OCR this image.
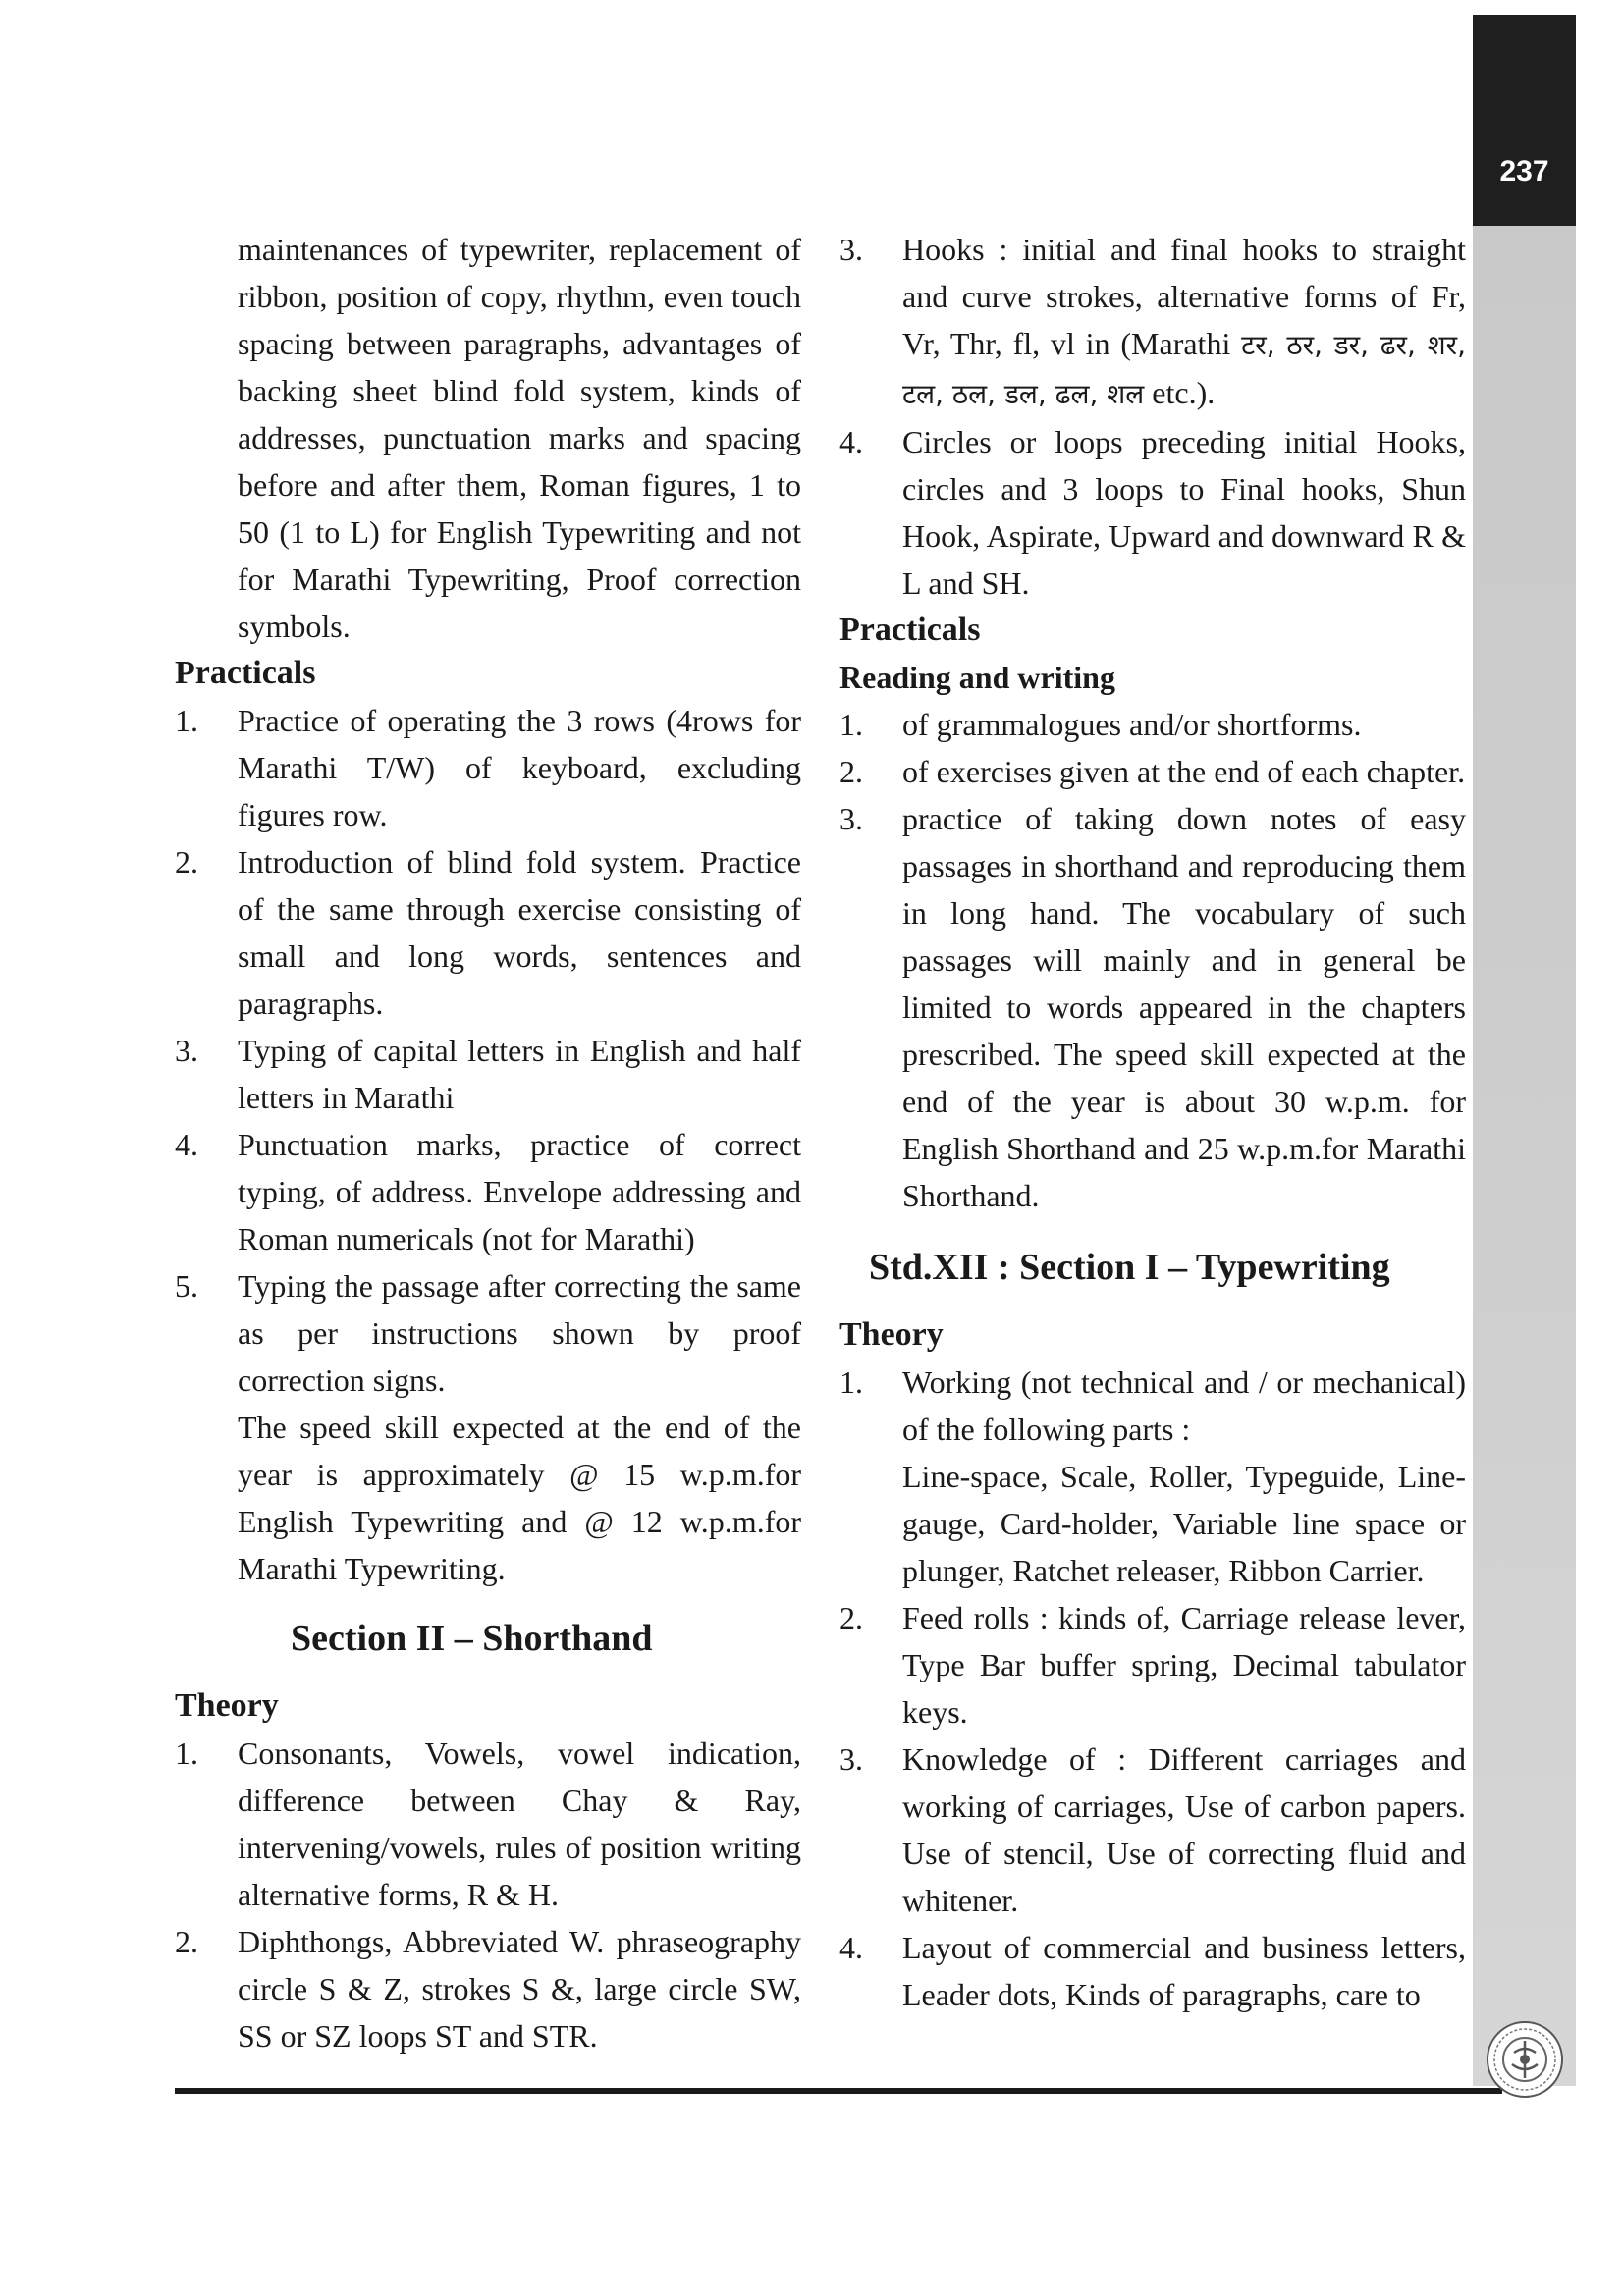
237
maintenances of typewriter, replacement of ribbon, position of copy, rhythm, even touch spacing between paragraphs, advantages of backing sheet blind fold system, kinds of addresses, punctuation marks and spacing before and after them, Roman figures, 1 to 50 (1 to L) for English Typewriting and not for Marathi Typewriting, Proof correction symbols.
Practicals
1. Practice of operating the 3 rows (4rows for Marathi T/W) of keyboard, excluding figures row.
2. Introduction of blind fold system. Practice of the same through exercise consisting of small and long words, sentences and paragraphs.
3. Typing of capital letters in English and half letters in Marathi
4. Punctuation marks, practice of correct typing, of address. Envelope addressing and Roman numericals (not for Marathi)
5. Typing the passage after correcting the same as per instructions shown by proof correction signs.
The speed skill expected at the end of the year is approximately @ 15 w.p.m.for English Typewriting and @ 12 w.p.m.for Marathi Typewriting.
Section II – Shorthand
Theory
1. Consonants, Vowels, vowel indication, difference between Chay & Ray, intervening/vowels, rules of position writing alternative forms, R & H.
2. Diphthongs, Abbreviated W. phraseography circle S & Z, strokes S &, large circle SW, SS or SZ loops ST and STR.
3. Hooks : initial and final hooks to straight and curve strokes, alternative forms of Fr, Vr, Thr, fl, vl in (Marathi टर, ठर, डर, ढर, शर, टल, ठल, डल, ढल, शल etc.).
4. Circles or loops preceding initial Hooks, circles and 3 loops to Final hooks, Shun Hook, Aspirate, Upward and downward R & L and SH.
Practicals
Reading and writing
1. of grammalogues and/or shortforms.
2. of exercises given at the end of each chapter.
3. practice of taking down notes of easy passages in shorthand and reproducing them in long hand. The vocabulary of such passages will mainly and in general be limited to words appeared in the chapters prescribed. The speed skill expected at the end of the year is about 30 w.p.m. for English Shorthand and 25 w.p.m.for Marathi Shorthand.
Std.XII : Section I – Typewriting
Theory
1. Working (not technical and / or mechanical) of the following parts :
Line-space, Scale, Roller, Typeguide, Line-gauge, Card-holder, Variable line space or plunger, Ratchet releaser, Ribbon Carrier.
2. Feed rolls : kinds of, Carriage release lever, Type Bar buffer spring, Decimal tabulator keys.
3. Knowledge of : Different carriages and working of carriages, Use of carbon papers. Use of stencil, Use of correcting fluid and whitener.
4. Layout of commercial and business letters, Leader dots, Kinds of paragraphs, care to
